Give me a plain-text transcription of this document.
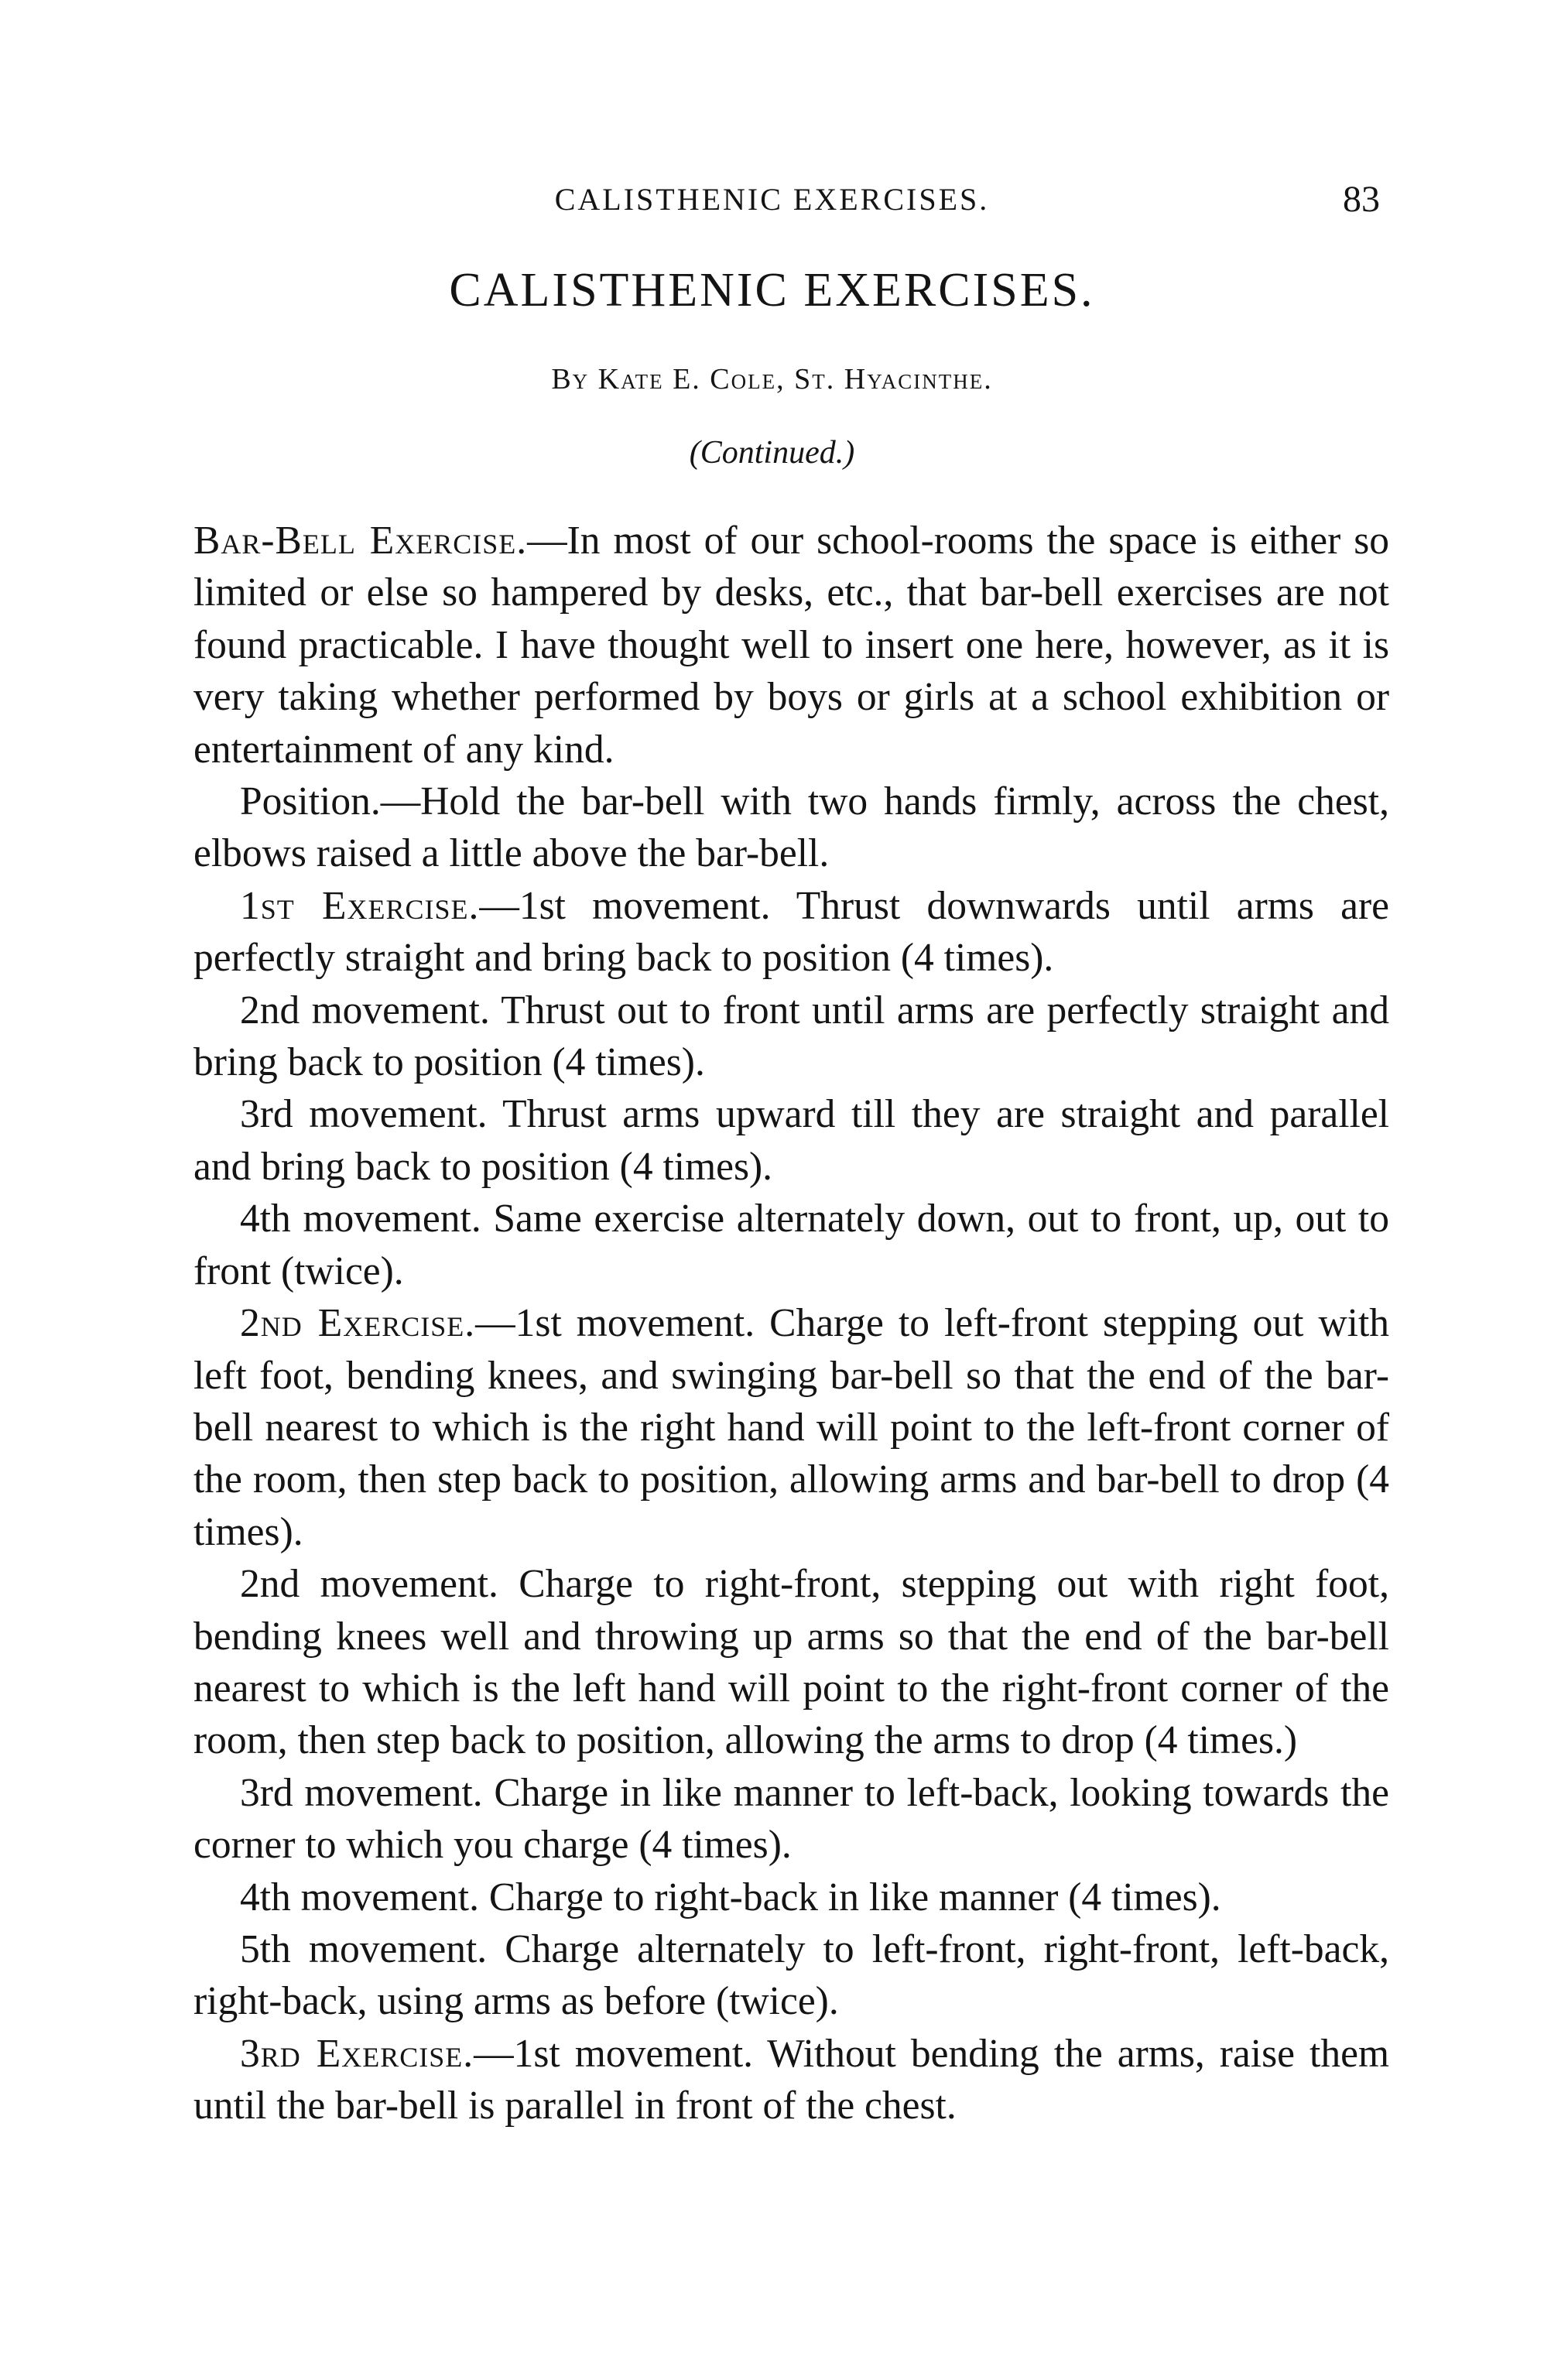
CALISTHENIC EXERCISES.	83
CALISTHENIC EXERCISES.
By Kate E. Cole, St. Hyacinthe.
(Continued.)

Bar-Bell Exercise.—In most of our school-rooms the space is either so limited or else so hampered by desks, etc., that bar-bell exercises are not found practicable. I have thought well to insert one here, however, as it is very taking whether performed by boys or girls at a school exhibition or entertainment of any kind.

Position.—Hold the bar-bell with two hands firmly, across the chest, elbows raised a little above the bar-bell.

1st Exercise.—1st movement. Thrust downwards until arms are perfectly straight and bring back to position (4 times).

2nd movement. Thrust out to front until arms are perfectly straight and bring back to position (4 times).

3rd movement. Thrust arms upward till they are straight and parallel and bring back to position (4 times).

4th movement. Same exercise alternately down, out to front, up, out to front (twice).

2nd Exercise.—1st movement. Charge to left-front stepping out with left foot, bending knees, and swinging bar-bell so that the end of the bar-bell nearest to which is the right hand will point to the left-front corner of the room, then step back to position, allowing arms and bar-bell to drop (4 times).

2nd movement. Charge to right-front, stepping out with right foot, bending knees well and throwing up arms so that the end of the bar-bell nearest to which is the left hand will point to the right-front corner of the room, then step back to position, allowing the arms to drop (4 times.)

3rd movement. Charge in like manner to left-back, looking towards the corner to which you charge (4 times).

4th movement. Charge to right-back in like manner (4 times).

5th movement. Charge alternately to left-front, right-front, left-back, right-back, using arms as before (twice).

3rd Exercise.—1st movement. Without bending the arms, raise them until the bar-bell is parallel in front of the chest.
